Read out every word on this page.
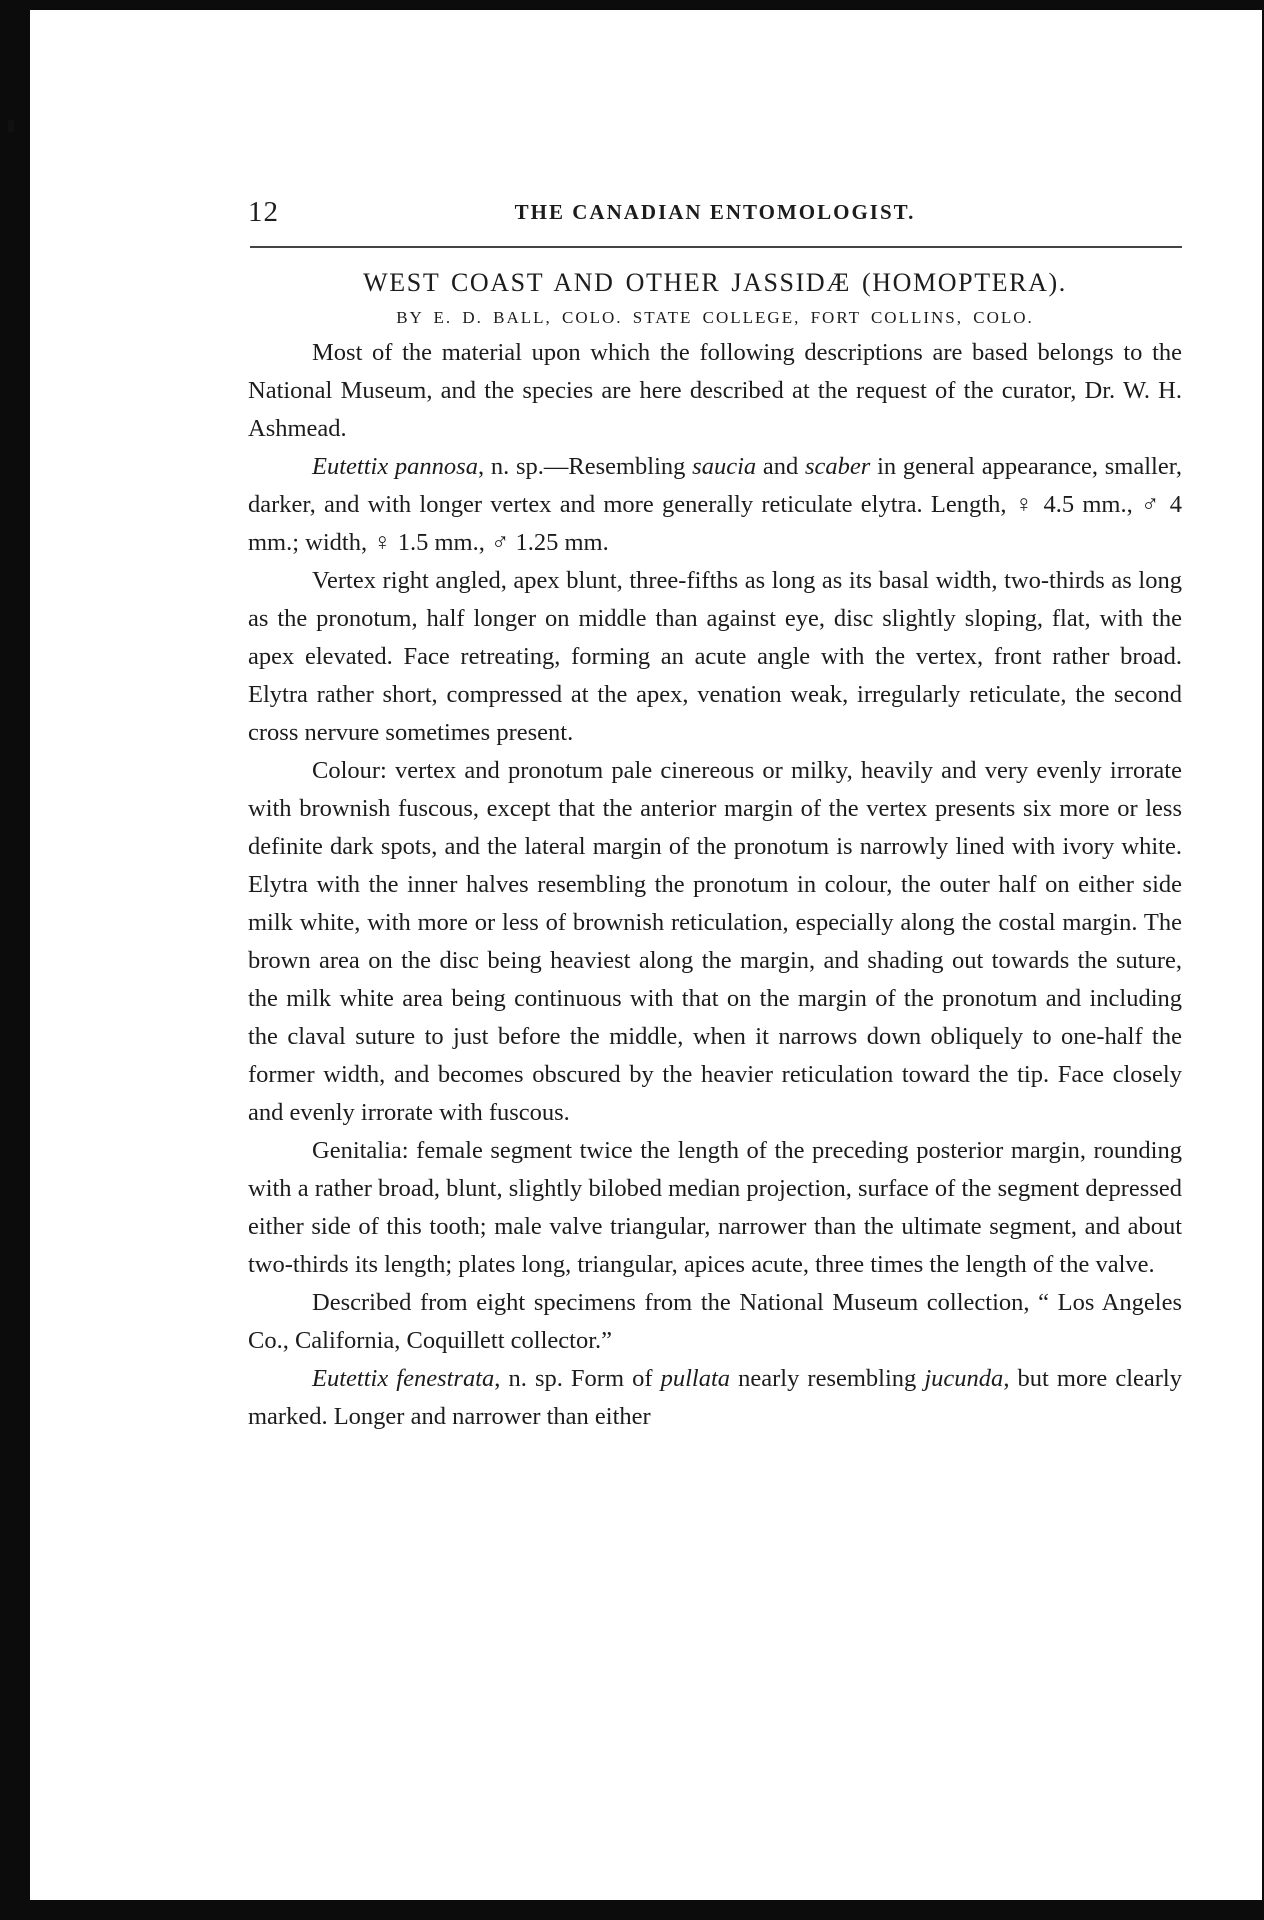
12	THE CANADIAN ENTOMOLOGIST.
WEST COAST AND OTHER JASSIDÆ (HOMOPTERA).
BY E. D. BALL, COLO. STATE COLLEGE, FORT COLLINS, COLO.

Most of the material upon which the following descriptions are based belongs to the National Museum, and the species are here described at the request of the curator, Dr. W. H. Ashmead.

Eutettix pannosa, n. sp.—Resembling saucia and scaber in general appearance, smaller, darker, and with longer vertex and more generally reticulate elytra. Length, ♀ 4.5 mm., ♂ 4 mm.; width, ♀ 1.5 mm., ♂ 1.25 mm.

Vertex right angled, apex blunt, three-fifths as long as its basal width, two-thirds as long as the pronotum, half longer on middle than against eye, disc slightly sloping, flat, with the apex elevated. Face retreating, forming an acute angle with the vertex, front rather broad. Elytra rather short, compressed at the apex, venation weak, irregularly reticulate, the second cross nervure sometimes present.

Colour: vertex and pronotum pale cinereous or milky, heavily and very evenly irrorate with brownish fuscous, except that the anterior margin of the vertex presents six more or less definite dark spots, and the lateral margin of the pronotum is narrowly lined with ivory white. Elytra with the inner halves resembling the pronotum in colour, the outer half on either side milk white, with more or less of brownish reticulation, especially along the costal margin. The brown area on the disc being heaviest along the margin, and shading out towards the suture, the milk white area being continuous with that on the margin of the pronotum and including the claval suture to just before the middle, when it narrows down obliquely to one-half the former width, and becomes obscured by the heavier reticulation toward the tip. Face closely and evenly irrorate with fuscous.

Genitalia: female segment twice the length of the preceding posterior margin, rounding with a rather broad, blunt, slightly bilobed median projection, surface of the segment depressed either side of this tooth; male valve triangular, narrower than the ultimate segment, and about two-thirds its length; plates long, triangular, apices acute, three times the length of the valve.

Described from eight specimens from the National Museum collection, “ Los Angeles Co., California, Coquillett collector.”

Eutettix fenestrata, n. sp. Form of pullata nearly resembling jucunda, but more clearly marked. Longer and narrower than either
